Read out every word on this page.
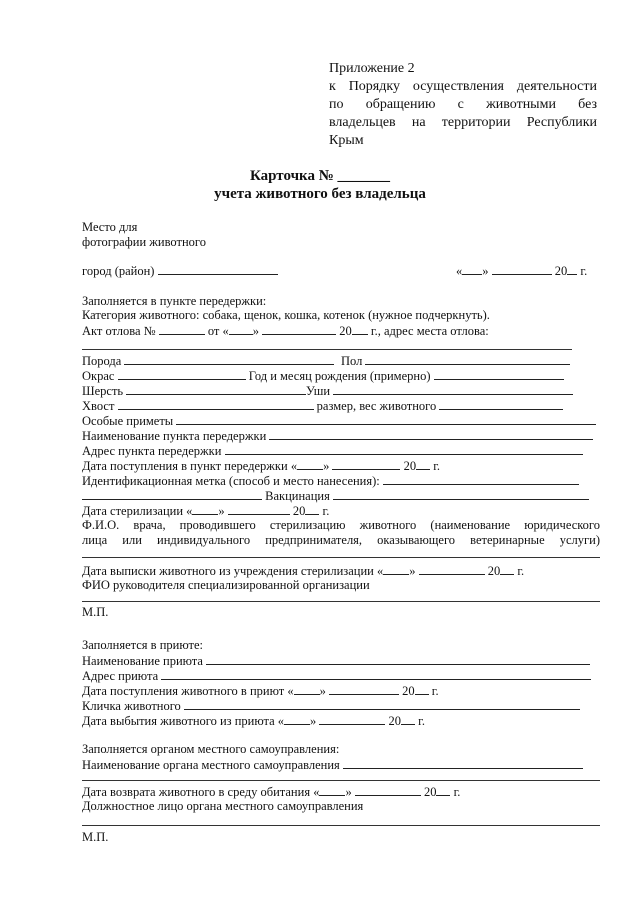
Приложение 2
к Порядку осуществления деятельности
по обращению с животными без
владельцев на территории Республики
Крым
Карточка № _______
учета животного без владельца
Место для
фотографии животного
город (район)	« »	20 г.
Заполняется в пункте передержки:
Категория животного: собака, щенок, кошка, котенок (нужное подчеркнуть).
Акт отлова №	от « »	20 г., адрес места отлова:
Порода	Пол
Окрас	Год и месяц рождения (примерно)
Шерсть	Уши
Хвост	размер, вес животного
Особые приметы
Наименование пункта передержки
Адрес пункта передержки
Дата поступления в пункт передержки « »	20 г.
Идентификационная метка (способ и место нанесения):
Вакцинация
Дата стерилизации « »	20 г.
Ф.И.О. врача, проводившего стерилизацию животного (наименование юридического
лица или индивидуального предпринимателя, оказывающего ветеринарные услуги)
Дата выписки животного из учреждения стерилизации « »	20 г.
ФИО руководителя специализированной организации
М.П.
Заполняется в приюте:
Наименование приюта
Адрес приюта
Дата поступления животного в приют « »	20 г.
Кличка животного
Дата выбытия животного из приюта « »	20 г.
Заполняется органом местного самоуправления:
Наименование органа местного самоуправления
Дата возврата животного в среду обитания « »	20 г.
Должностное лицо органа местного самоуправления
М.П.
